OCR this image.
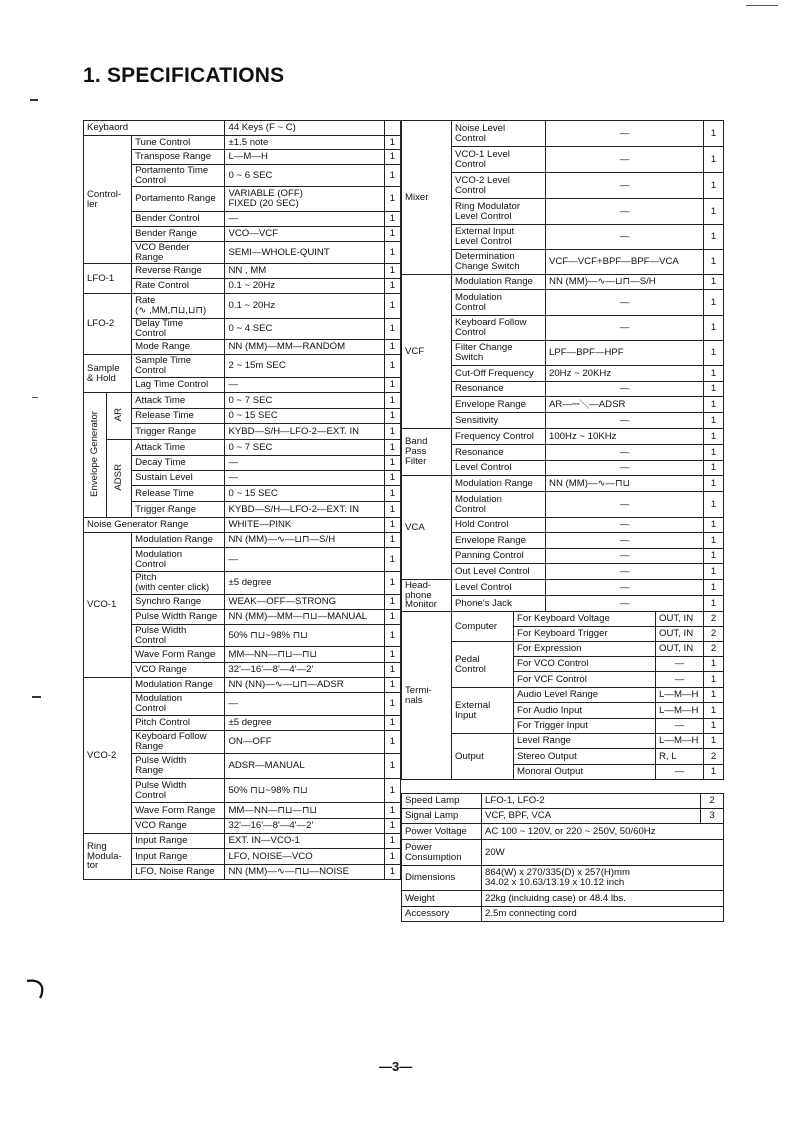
1. SPECIFICATIONS
Keybaord			44 Keys (F ~ C)	
Control-
ler		Tune Control	±1.5 note	1
		Transpose Range	L—M—H	1
		Portamento Time
Control	0 ~ 6 SEC	1
		Portamento Range	VARIABLE (OFF)
FIXED (20 SEC)	1
		Bender Control	—	1
		Bender Range	VCO—VCF	1
		VCO Bender
Range	SEMI—WHOLE-QUINT	1
LFO-1		Reverse Range	ΝΝ , ΜΜ	1
		Rate Control	0.1 ~ 20Hz	1
LFO-2		Rate
(∿ ,ΜΜ,⊓⊔,⊔⊓)	0.1 ~ 20Hz	1
		Delay Time
Control	0 ~ 4 SEC	1
		Mode Range	ΝΝ (ΜΜ)—ΜΜ—RANDOM	1
Sample
& Hold		Sample Time
Control	2 ~ 15m SEC	1
		Lag Time Control	—	1
Envelope Generator	AR	Attack Time	0 ~ 7 SEC	1
		Release Time	0 ~ 15 SEC	1
		Trigger Range	KYBD—S/H—LFO-2—EXT. IN	1
	ADSR	Attack Time	0 ~ 7 SEC	1
		Decay Time	—	1
		Sustain Level	—	1
		Release Time	0 ~ 15 SEC	1
		Trigger Range	KYBD—S/H—LFO-2—EXT. IN	1
Noise Generator Range			WHITE—PINK	1
VCO-1		Modulation Range	ΝΝ (ΜΜ)—∿—⊔⊓—S/H	1
		Modulation
Control	—	1
		Pitch
(with center click)	±5 degree	1
		Synchro Range	WEAK—OFF—STRONG	1
		Pulse Width Range	ΝΝ (ΜΜ)—ΜΜ—⊓⊔—MANUAL	1
		Pulse Width
Control	50% ⊓⊔~98% ⊓⊔	1
		Wave Form Range	ΜΜ—ΝΝ—⊓⊔—⊓⊔	1
		VCO Range	32'—16'—8'—4'—2'	1
VCO-2		Modulation Range	ΝΝ (ΝΝ)—∿—⊔⊓—ADSR	1
		Modulation
Control	—	1
		Pitch Control	±5 degree	1
		Keyboard Follow
Range	ON—OFF	1
		Pulse Width
Range	ADSR—MANUAL	1
		Pulse Width
Control	50% ⊓⊔~98% ⊓⊔	1
		Wave Form Range	ΜΜ—ΝΝ—⊓⊔—⊓⊔	1
		VCO Range	32'—16'—8'—4'—2'	1
Ring
Modula-
tor		Input Range	EXT. IN—VCO-1	1
		Input Range	LFO, NOISE—VCO	1
		LFO, Noise Range	ΝΝ (ΜΜ)—∿—⊓⊔—NOISE	1
Mixer	Noise Level
Control		—		1
	VCO-1 Level
Control		—		1
	VCO-2 Level
Control		—		1
	Ring Modulator
Level Control		—		1
	External Input
Level Control		—		1
	Determination
Change Switch		VCF—VCF+BPF—BPF—VCA		1
VCF	Modulation Range		ΝΝ (ΜΜ)—∿—⊔⊓—S/H		1
	Modulation
Control		—		1
	Keyboard Follow
Control		—		1
	Filter Change
Switch		LPF—BPF—HPF		1
	Cut-Off Frequency		20Hz ~ 20KHz		1
	Resonance		—		1
	Envelope Range		AR—⎓╲—ADSR		1
	Sensitivity		—		1
Band
Pass
Filter	Frequency Control		100Hz ~ 10KHz		1
	Resonance		—		1
	Level Control		—		1
VCA	Modulation Range		ΝΝ (ΜΜ)—∿—⊓⊔		1
	Modulation
Control		—		1
	Hold Control		—		1
	Envelope Range		—		1
	Panning Control		—		1
	Out Level Control		—		1
Head-
phone
Monitor	Level Control		—		1
	Phone's Jack		—		1
Termi-
nals	Computer	For Keyboard Voltage		OUT, IN	2
		For Keyboard Trigger		OUT, IN	2
	Pedal
Control	For Expression		OUT, IN	2
		For VCO Control		—	1
		For VCF Control		—	1
	External
Input	Audio Level Range		L—M—H	1
		For Audio Input		L—M—H	1
		For Trigger Input		—	1
	Output	Level Range		L—M—H	1
		Stereo Output		R, L	2
		Monoral Output		—	1
Speed Lamp	LFO-1, LFO-2	2
Signal Lamp	VCF, BPF, VCA	3
Power Voltage	AC 100 ~ 120V, or 220 ~ 250V, 50/60Hz	
Power
Consumption	20W	
Dimensions	864(W) x 270/335(D) x 257(H)mm
34.02 x 10.63/13.19 x 10.12 inch	
Weight	22kg (incluidng case) or 48.4 lbs.	
Accessory	2.5m connecting cord	
—3—
